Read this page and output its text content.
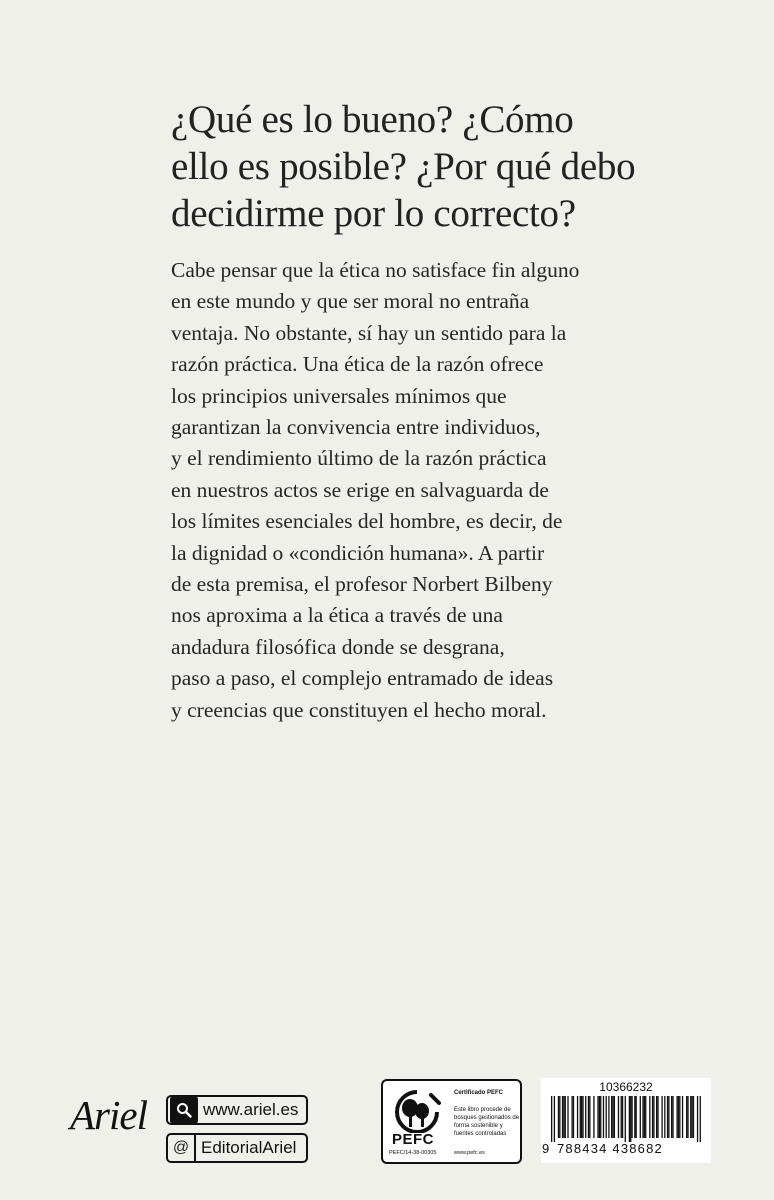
¿Qué es lo bueno? ¿Cómo
ello es posible? ¿Por qué debo
decidirme por lo correcto?
Cabe pensar que la ética no satisface fin alguno
en este mundo y que ser moral no entraña
ventaja. No obstante, sí hay un sentido para la
razón práctica. Una ética de la razón ofrece
los principios universales mínimos que
garantizan la convivencia entre individuos,
y el rendimiento último de la razón práctica
en nuestros actos se erige en salvaguarda de
los límites esenciales del hombre, es decir, de
la dignidad o «condición humana». A partir
de esta premisa, el profesor Norbert Bilbeny
nos aproxima a la ética a través de una
andadura filosófica donde se desgrana,
paso a paso, el complejo entramado de ideas
y creencias que constituyen el hecho moral.
Ariel	www.ariel.es
@ EditorialAriel	PEFC
PEFC/14-38-00305
Certificado PEFC
Este libro procede de bosques gestionados de forma sostenible y fuentes controladas
www.pefc.es
10366232
9 788434 438682
